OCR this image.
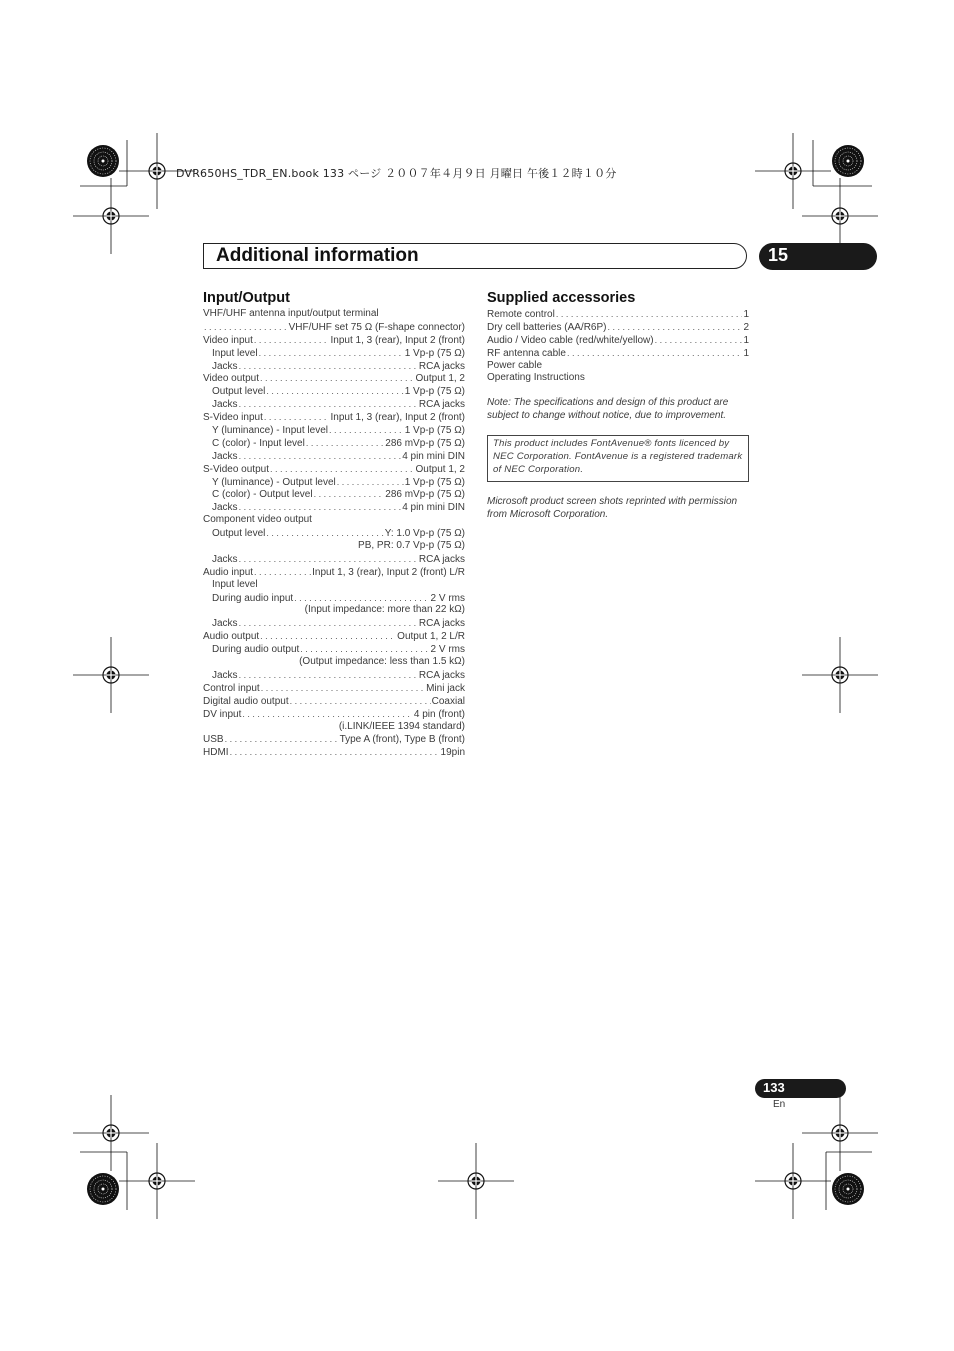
DVR650HS_TDR_EN.book 133 ページ ２００７年４月９日 月曜日 午後１２時１０分
Additional information	15
Input/Output
VHF/UHF antenna input/output terminal
. . .
VHF/UHF set 75 Ω (F-shape connector)
Video input . . .	Input 1, 3 (rear), Input 2 (front)
Input level . . .	1 Vp-p (75 Ω)
Jacks . . .	RCA jacks
Video output . . .	Output 1, 2
Output level . . .	1 Vp-p (75 Ω)
Jacks . . .	RCA jacks
S-Video input . . .	Input 1, 3 (rear), Input 2 (front)
Y (luminance) - Input level . . .	1 Vp-p (75 Ω)
C (color) - Input level . . .	286 mVp-p (75 Ω)
Jacks . . .	4 pin mini DIN
S-Video output . . .	Output 1, 2
Y (luminance) - Output level . . .	1 Vp-p (75 Ω)
C (color) - Output level . . .	286 mVp-p (75 Ω)
Jacks . . .	4 pin mini DIN
Component video output
Output level . . .	Y: 1.0 Vp-p (75 Ω)
PB, PR: 0.7 Vp-p (75 Ω)
Jacks . . .	RCA jacks
Audio input . . .	Input 1, 3 (rear), Input 2 (front) L/R
Input level
During audio input . . .	2 V rms
(Input impedance: more than 22 kΩ)
Jacks . . .	RCA jacks
Audio output . . .	Output 1, 2 L/R
During audio output . . .	2 V rms
(Output impedance: less than 1.5 kΩ)
Jacks . . .	RCA jacks
Control input . . .	Mini jack
Digital audio output . . .	Coaxial
DV input . . .	4 pin (front)
(i.LINK/IEEE 1394 standard)
USB . . .	Type A (front), Type B (front)
HDMI . . .	19pin
Supplied accessories
Remote control . . .	1
Dry cell batteries (AA/R6P) . . .	2
Audio / Video cable (red/white/yellow) . . .	1
RF antenna cable . . .	1
Power cable
Operating Instructions
Note: The specifications and design of this product are subject to change without notice, due to improvement.
This product includes FontAvenue® fonts licenced by NEC Corporation. FontAvenue is a registered trademark of NEC Corporation.
Microsoft product screen shots reprinted with permission from Microsoft Corporation.
133
En
